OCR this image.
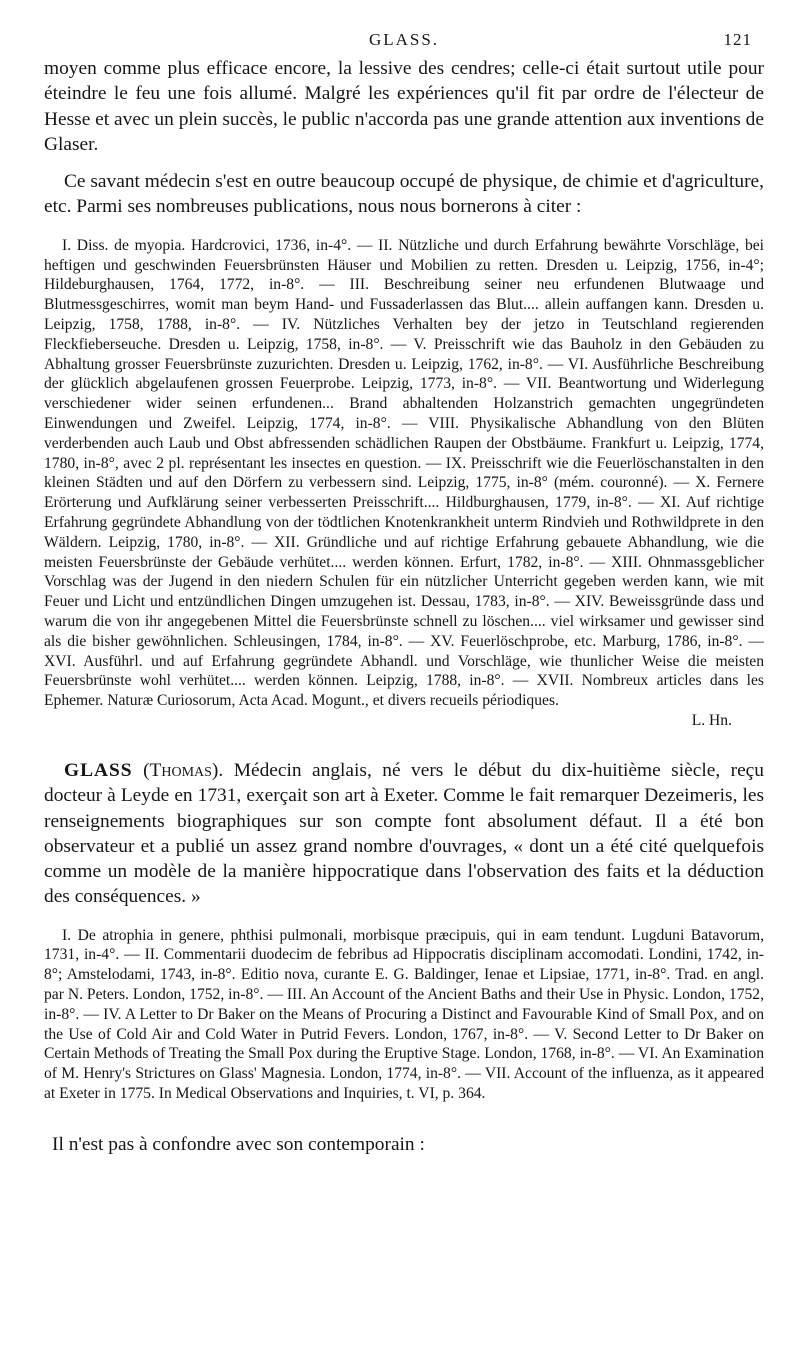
GLASS.	121

moyen comme plus efficace encore, la lessive des cendres; celle-ci était surtout utile pour éteindre le feu une fois allumé. Malgré les expériences qu'il fit par ordre de l'électeur de Hesse et avec un plein succès, le public n'accorda pas une grande attention aux inventions de Glaser.

Ce savant médecin s'est en outre beaucoup occupé de physique, de chimie et d'agriculture, etc. Parmi ses nombreuses publications, nous nous bornerons à citer :

I. Diss. de myopia. Hardcrovici, 1736, in-4°. — II. Nützliche und durch Erfahrung bewährte Vorschläge, bei heftigen und geschwinden Feuersbrünsten Häuser und Mobilien zu retten. Dresden u. Leipzig, 1756, in-4°; Hildeburghausen, 1764, 1772, in-8°. — III. Beschreibung seiner neu erfundenen Blutwaage und Blutmessgeschirres, womit man beym Hand- und Fussaderlassen das Blut.... allein auffangen kann. Dresden u. Leipzig, 1758, 1788, in-8°. — IV. Nützliches Verhalten bey der jetzo in Teutschland regierenden Fleckfieberseuche. Dresden u. Leipzig, 1758, in-8°. — V. Preisschrift wie das Bauholz in den Gebäuden zu Abhaltung grosser Feuersbrünste zuzurichten. Dresden u. Leipzig, 1762, in-8°. — VI. Ausführliche Beschreibung der glücklich abgelaufenen grossen Feuerprobe. Leipzig, 1773, in-8°. — VII. Beantwortung und Widerlegung verschiedener wider seinen erfundenen... Brand abhaltenden Holzanstrich gemachten ungegründeten Einwendungen und Zweifel. Leipzig, 1774, in-8°. — VIII. Physikalische Abhandlung von den Blüten verderbenden auch Laub und Obst abfressenden schädlichen Raupen der Obstbäume. Frankfurt u. Leipzig, 1774, 1780, in-8°, avec 2 pl. représentant les insectes en question. — IX. Preisschrift wie die Feuerlöschanstalten in den kleinen Städten und auf den Dörfern zu verbessern sind. Leipzig, 1775, in-8° (mém. couronné). — X. Fernere Erörterung und Aufklärung seiner verbesserten Preisschrift.... Hildburghausen, 1779, in-8°. — XI. Auf richtige Erfahrung gegründete Abhandlung von der tödtlichen Knotenkrankheit unterm Rindvieh und Rothwildprete in den Wäldern. Leipzig, 1780, in-8°. — XII. Gründliche und auf richtige Erfahrung gebauete Abhandlung, wie die meisten Feuersbrünste der Gebäude verhütet.... werden können. Erfurt, 1782, in-8°. — XIII. Ohnmassgeblicher Vorschlag was der Jugend in den niedern Schulen für ein nützlicher Unterricht gegeben werden kann, wie mit Feuer und Licht und entzündlichen Dingen umzugehen ist. Dessau, 1783, in-8°. — XIV. Beweissgründe dass und warum die von ihr angegebenen Mittel die Feuersbrünste schnell zu löschen.... viel wirksamer und gewisser sind als die bisher gewöhnlichen. Schleusingen, 1784, in-8°. — XV. Feuerlöschprobe, etc. Marburg, 1786, in-8°. — XVI. Ausführl. und auf Erfahrung gegründete Abhandl. und Vorschläge, wie thunlicher Weise die meisten Feuersbrünste wohl verhütet.... werden können. Leipzig, 1788, in-8°. — XVII. Nombreux articles dans les Ephemer. Naturæ Curiosorum, Acta Acad. Mogunt., et divers recueils périodiques.

L. Hn.

GLASS (Thomas). Médecin anglais, né vers le début du dix-huitième siècle, reçu docteur à Leyde en 1731, exerçait son art à Exeter. Comme le fait remarquer Dezeimeris, les renseignements biographiques sur son compte font absolument défaut. Il a été bon observateur et a publié un assez grand nombre d'ouvrages, « dont un a été cité quelquefois comme un modèle de la manière hippocratique dans l'observation des faits et la déduction des conséquences. »

I. De atrophia in genere, phthisi pulmonali, morbisque præcipuis, qui in eam tendunt. Lugduni Batavorum, 1731, in-4°. — II. Commentarii duodecim de febribus ad Hippocratis disciplinam accomodati. Londini, 1742, in-8°; Amstelodami, 1743, in-8°. Editio nova, curante E. G. Baldinger, Ienae et Lipsiae, 1771, in-8°. Trad. en angl. par N. Peters. London, 1752, in-8°. — III. An Account of the Ancient Baths and their Use in Physic. London, 1752, in-8°. — IV. A Letter to Dr Baker on the Means of Procuring a Distinct and Favourable Kind of Small Pox, and on the Use of Cold Air and Cold Water in Putrid Fevers. London, 1767, in-8°. — V. Second Letter to Dr Baker on Certain Methods of Treating the Small Pox during the Eruptive Stage. London, 1768, in-8°. — VI. An Examination of M. Henry's Strictures on Glass' Magnesia. London, 1774, in-8°. — VII. Account of the influenza, as it appeared at Exeter in 1775. In Medical Observations and Inquiries, t. VI, p. 364.

Il n'est pas à confondre avec son contemporain :
